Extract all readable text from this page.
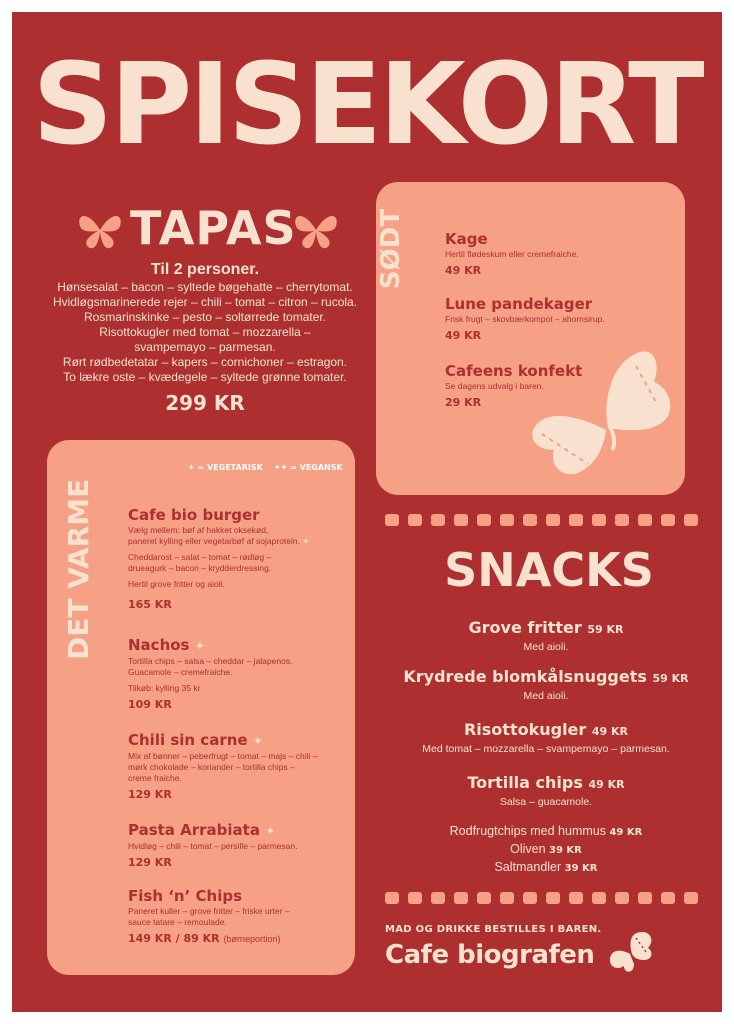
SPISEKORT
TAPAS
Til 2 personer.
Hønsesalat – bacon – syltede bøgehatte – cherrytomat.
Hvidløgsmarinerede rejer – chili – tomat – citron – rucola.
Rosmarinskinke – pesto – soltørrede tomater.
Risottokugler med tomat – mozzarella –
svampemayo – parmesan.
Rørt rødbedetatar – kapers – cornichoner – estragon.
To lækre oste – kvædegele – syltede grønne tomater.
299 KR
SØDT	Kage
Hertil flødeskum eller cremefraiche.
49 KR
Lune pandekager
Frisk frugt – skovbærkompot – ahornsirup.
49 KR
Cafeens konfekt
Se dagens udvalg i baren.
29 KR
DET VARME Cafe bio burger
Vælg mellem: bøf af hakket oksekød,
paneret kylling eller vegetarbøf af sojaprotein. ✦
Cheddarost – salat – tomat – rødløg –
drueagurk – bacon – krydderdressing.
Hertil grove fritter og aioli.
165 KR
Nachos ✦
Tortilla chips – salsa – cheddar – jalapenos.
Guacamole – cremefraiche.
Tilkøb: kylling 35 kr
109 KR
Chili sin carne ✦
Mix af bønner – peberfrugt – tomat – majs – chili –
mørk chokolade – koriander – tortilla chips –
creme fraiche.
129 KR
Pasta Arrabiata ✦
Hvidløg – chili – tomat – persille – parmesan.
129 KR
Fish ‘n’ Chips
Paneret kuller – grove fritter – friske urter –
sauce tatare – remoulade.
149 KR / 89 KR (børneportion)
✦ = VEGETARISK ✦✦ = VEGANSK
SNACKS
Grove fritter 59 KR
Med aioli.
Krydrede blomkålsnuggets 59 KR
Med aioli.
Risottokugler 49 KR
Med tomat – mozzarella – svampemayo – parmesan.
Tortilla chips 49 KR
Salsa – guacamole.
Rodfrugtchips med hummus 49 KR
Oliven 39 KR
Saltmandler 39 KR
MAD OG DRIKKE BESTILLES I BAREN.
Cafe biografen
